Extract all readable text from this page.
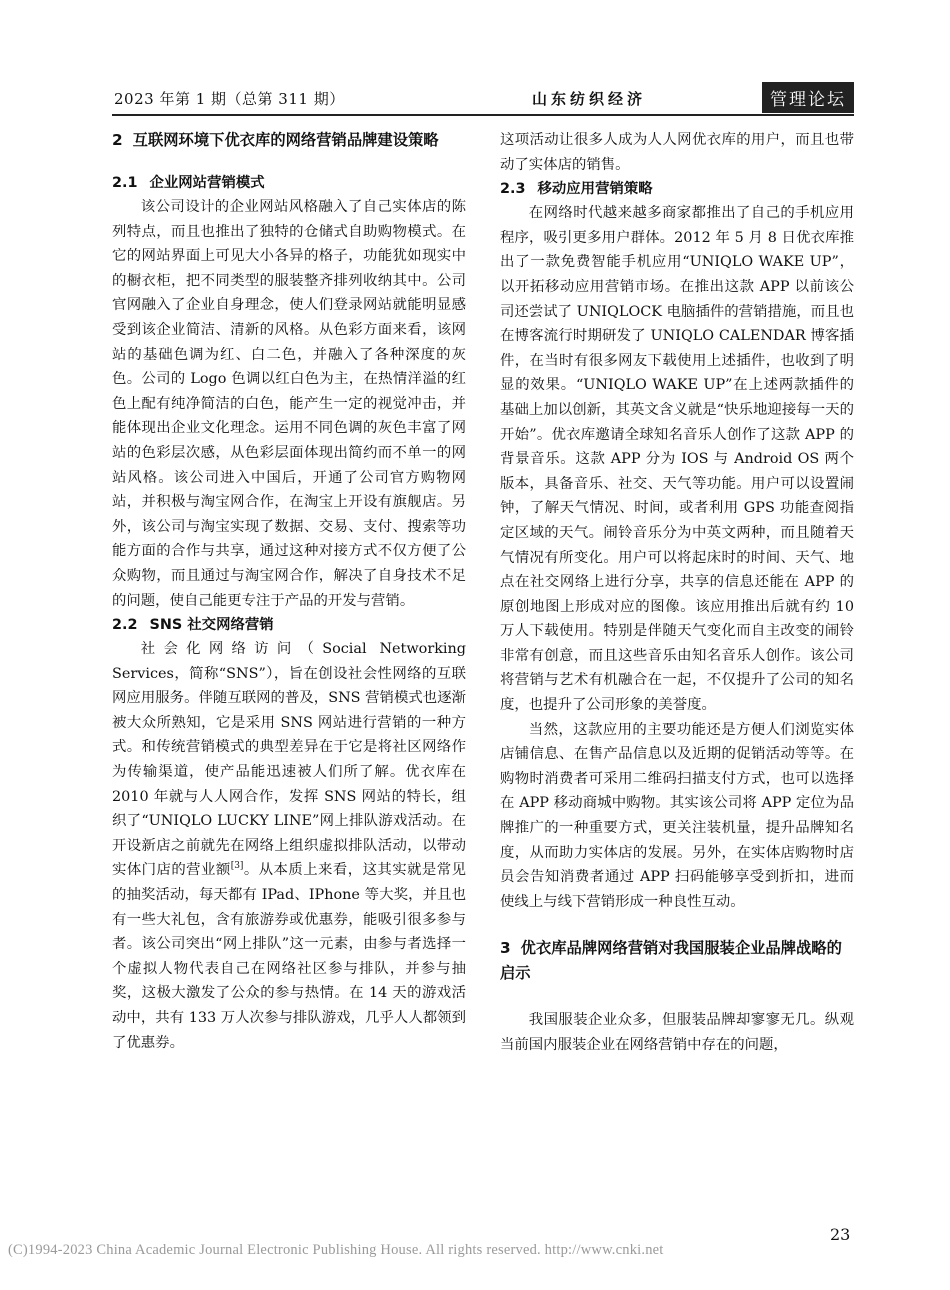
2023 年第 1 期（总第 311 期）	山东纺织经济	管理论坛
2 互联网环境下优衣库的网络营销品牌建设策略
2.1 企业网站营销模式

该公司设计的企业网站风格融入了自己实体店的陈列特点，而且也推出了独特的仓储式自助购物模式。在它的网站界面上可见大小各异的格子，功能犹如现实中的橱衣柜，把不同类型的服装整齐排列收纳其中。公司官网融入了企业自身理念，使人们登录网站就能明显感受到该企业简洁、清新的风格。从色彩方面来看，该网站的基础色调为红、白二色，并融入了各种深度的灰色。公司的 Logo 色调以红白色为主，在热情洋溢的红色上配有纯净简洁的白色，能产生一定的视觉冲击，并能体现出企业文化理念。运用不同色调的灰色丰富了网站的色彩层次感，从色彩层面体现出简约而不单一的网站风格。该公司进入中国后，开通了公司官方购物网站，并积极与淘宝网合作，在淘宝上开设有旗舰店。另外，该公司与淘宝实现了数据、交易、支付、搜索等功能方面的合作与共享，通过这种对接方式不仅方便了公众购物，而且通过与淘宝网合作，解决了自身技术不足的问题，使自己能更专注于产品的开发与营销。

2.2 SNS 社交网络营销

社会化网络访问（Social Networking Services，简称“SNS”），旨在创设社会性网络的互联网应用服务。伴随互联网的普及，SNS 营销模式也逐渐被大众所熟知，它是采用 SNS 网站进行营销的一种方式。和传统营销模式的典型差异在于它是将社区网络作为传输渠道，使产品能迅速被人们所了解。优衣库在 2010 年就与人人网合作，发挥 SNS 网站的特长，组织了“UNIQLO LUCKY LINE”网上排队游戏活动。在开设新店之前就先在网络上组织虚拟排队活动，以带动实体门店的营业额[3]。从本质上来看，这其实就是常见的抽奖活动，每天都有 IPad、IPhone 等大奖，并且也有一些大礼包，含有旅游券或优惠券，能吸引很多参与者。该公司突出“网上排队”这一元素，由参与者选择一个虚拟人物代表自己在网络社区参与排队，并参与抽奖，这极大激发了公众的参与热情。在 14 天的游戏活动中，共有 133 万人次参与排队游戏，几乎人人都领到了优惠券。

这项活动让很多人成为人人网优衣库的用户，而且也带动了实体店的销售。

2.3 移动应用营销策略

在网络时代越来越多商家都推出了自己的手机应用程序，吸引更多用户群体。2012 年 5 月 8 日优衣库推出了一款免费智能手机应用“UNIQLO WAKE UP”，以开拓移动应用营销市场。在推出这款 APP 以前该公司还尝试了 UNIQLOCK 电脑插件的营销措施，而且也在博客流行时期研发了 UNIQLO CALENDAR 博客插件，在当时有很多网友下载使用上述插件，也收到了明显的效果。“UNIQLO WAKE UP”在上述两款插件的基础上加以创新，其英文含义就是“快乐地迎接每一天的开始”。优衣库邀请全球知名音乐人创作了这款 APP 的背景音乐。这款 APP 分为 IOS 与 Android OS 两个版本，具备音乐、社交、天气等功能。用户可以设置闹钟，了解天气情况、时间，或者利用 GPS 功能查阅指定区域的天气。闹铃音乐分为中英文两种，而且随着天气情况有所变化。用户可以将起床时的时间、天气、地点在社交网络上进行分享，共享的信息还能在 APP 的原创地图上形成对应的图像。该应用推出后就有约 10 万人下载使用。特别是伴随天气变化而自主改变的闹铃非常有创意，而且这些音乐由知名音乐人创作。该公司将营销与艺术有机融合在一起，不仅提升了公司的知名度，也提升了公司形象的美誉度。

当然，这款应用的主要功能还是方便人们浏览实体店铺信息、在售产品信息以及近期的促销活动等等。在购物时消费者可采用二维码扫描支付方式，也可以选择在 APP 移动商城中购物。其实该公司将 APP 定位为品牌推广的一种重要方式，更关注装机量，提升品牌知名度，从而助力实体店的发展。另外，在实体店购物时店员会告知消费者通过 APP 扫码能够享受到折扣，进而使线上与线下营销形成一种良性互动。

3 优衣库品牌网络营销对我国服装企业品牌战略的启示

我国服装企业众多，但服装品牌却寥寥无几。纵观当前国内服装企业在网络营销中存在的问题，

23
(C)1994-2023 China Academic Journal Electronic Publishing House. All rights reserved. http://www.cnki.net
